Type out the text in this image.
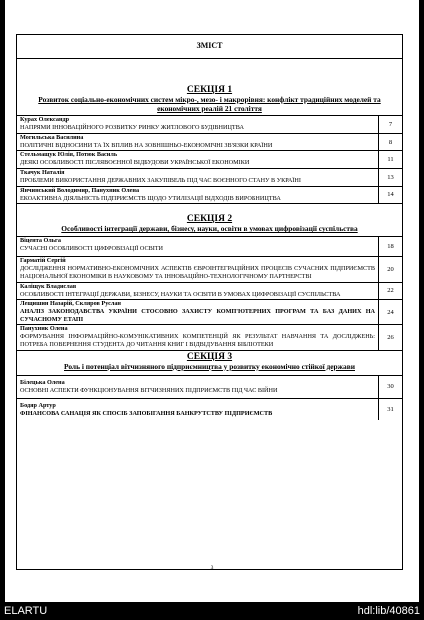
ЗМІСТ
СЕКЦІЯ 1
Розвиток соціально-економічних систем мікро-, мезо- і макрорівня: конфлікт традиційних моделей та економічних реалій 21 століття
Курах Олександр
НАПРЯМИ ІННОВАЦІЙНОГО РОЗВИТКУ РИНКУ ЖИТЛОВОГО БУДІВНИЦТВА	7
Могильська Василина
ПОЛІТИЧНІ ВІДНОСИНИ ТА ЇХ ВПЛИВ НА ЗОВНІШНЬО-ЕКОНОМІЧНІ ЗВ'ЯЗКИ КРАЇНИ	8
Стельмащук Юлія, Потюк Василь
ДЕЯКІ ОСОБЛИВОСТІ ПІСЛЯВОЄННОЇ ВІДБУДОВИ УКРАЇНСЬКОЇ ЕКОНОМІКИ	11
Ткачук Наталія
ПРОБЛЕМИ ВИКОРИСТАННЯ ДЕРЖАВНИХ ЗАКУПІВЕЛЬ ПІД ЧАС ВОЄННОГО СТАНУ В УКРАЇНІ	13
Янчинський Володимир, Панухник Олена
ЕКОАКТИВНА ДІЯЛЬНІСТЬ ПІДПРИЄМСТВ ЩОДО УТИЛІЗАЦІЇ ВІДХОДІВ ВИРОБНИЦТВА	14
СЕКЦІЯ 2
Особливості інтеграції держави, бізнесу, науки, освіти в умовах цифровізації суспільства
Віцента Ольга
СУЧАСНІ ОСОБЛИВОСТІ ЦИФРОВІЗАЦІЇ ОСВІТИ	18
Гарматій Сергій
ДОСЛІДЖЕННЯ НОРМАТИВНО-ЕКОНОМІЧНИХ АСПЕКТІВ ЄВРОІНТЕГРАЦІЙНИХ ПРОЦЕСІВ СУЧАСНИХ ПІДПРИЄМСТВ НАЦІОНАЛЬНОЇ ЕКОНОМІКИ В НАУКОВОМУ ТА ІННОВАЦІЙНО-ТЕХНОЛОГІЧНОМУ ПАРТНЕРСТВІ
20
Каліщук Владислав
ОСОБЛИВОСТІ ІНТЕГРАЦІЇ ДЕРЖАВИ, БІЗНЕСУ, НАУКИ ТА ОСВІТИ В УМОВАХ ЦИФРОВІЗАЦІЇ СУСПІЛЬСТВА	22
Лещишин Назарій, Скляров Руслан
АНАЛІЗ ЗАКОНОДАВСТВА УКРАЇНИ СТОСОВНО ЗАХИСТУ КОМП'ЮТЕРНИХ ПРОГРАМ ТА БАЗ ДАНИХ НА СУЧАСНОМУ ЕТАПІ
24
Панухник Олена
ФОРМУВАННЯ ІНФОРМАЦІЙНО-КОМУНІКАТИВНИХ КОМПЕТЕНЦІЙ ЯК РЕЗУЛЬТАТ НАВЧАННЯ ТА ДОСЛІДЖЕНЬ: ПОТРЕБА ПОВЕРНЕННЯ СТУДЕНТА ДО ЧИТАННЯ КНИГ І ВІДВІДУВАННЯ БІБЛІОТЕКИ
26
СЕКЦІЯ 3
Роль і потенціал вітчизняного підприємництва у розвитку економічно стійкої держави
Білецька Олена
ОСНОВНІ АСПЕКТИ ФУНКЦІОНУВАННЯ ВІТЧИЗНЯНИХ ПІДПРИЄМСТВ ПІД ЧАС ВІЙНИ
30
Бодяр Артур
ФІНАНСОВА САНАЦІЯ ЯК СПОСІБ ЗАПОБІГАННЯ БАНКРУТСТВУ ПІДПРИЄМСТВ
31
3
ELARTU	hdl:lib/40861
